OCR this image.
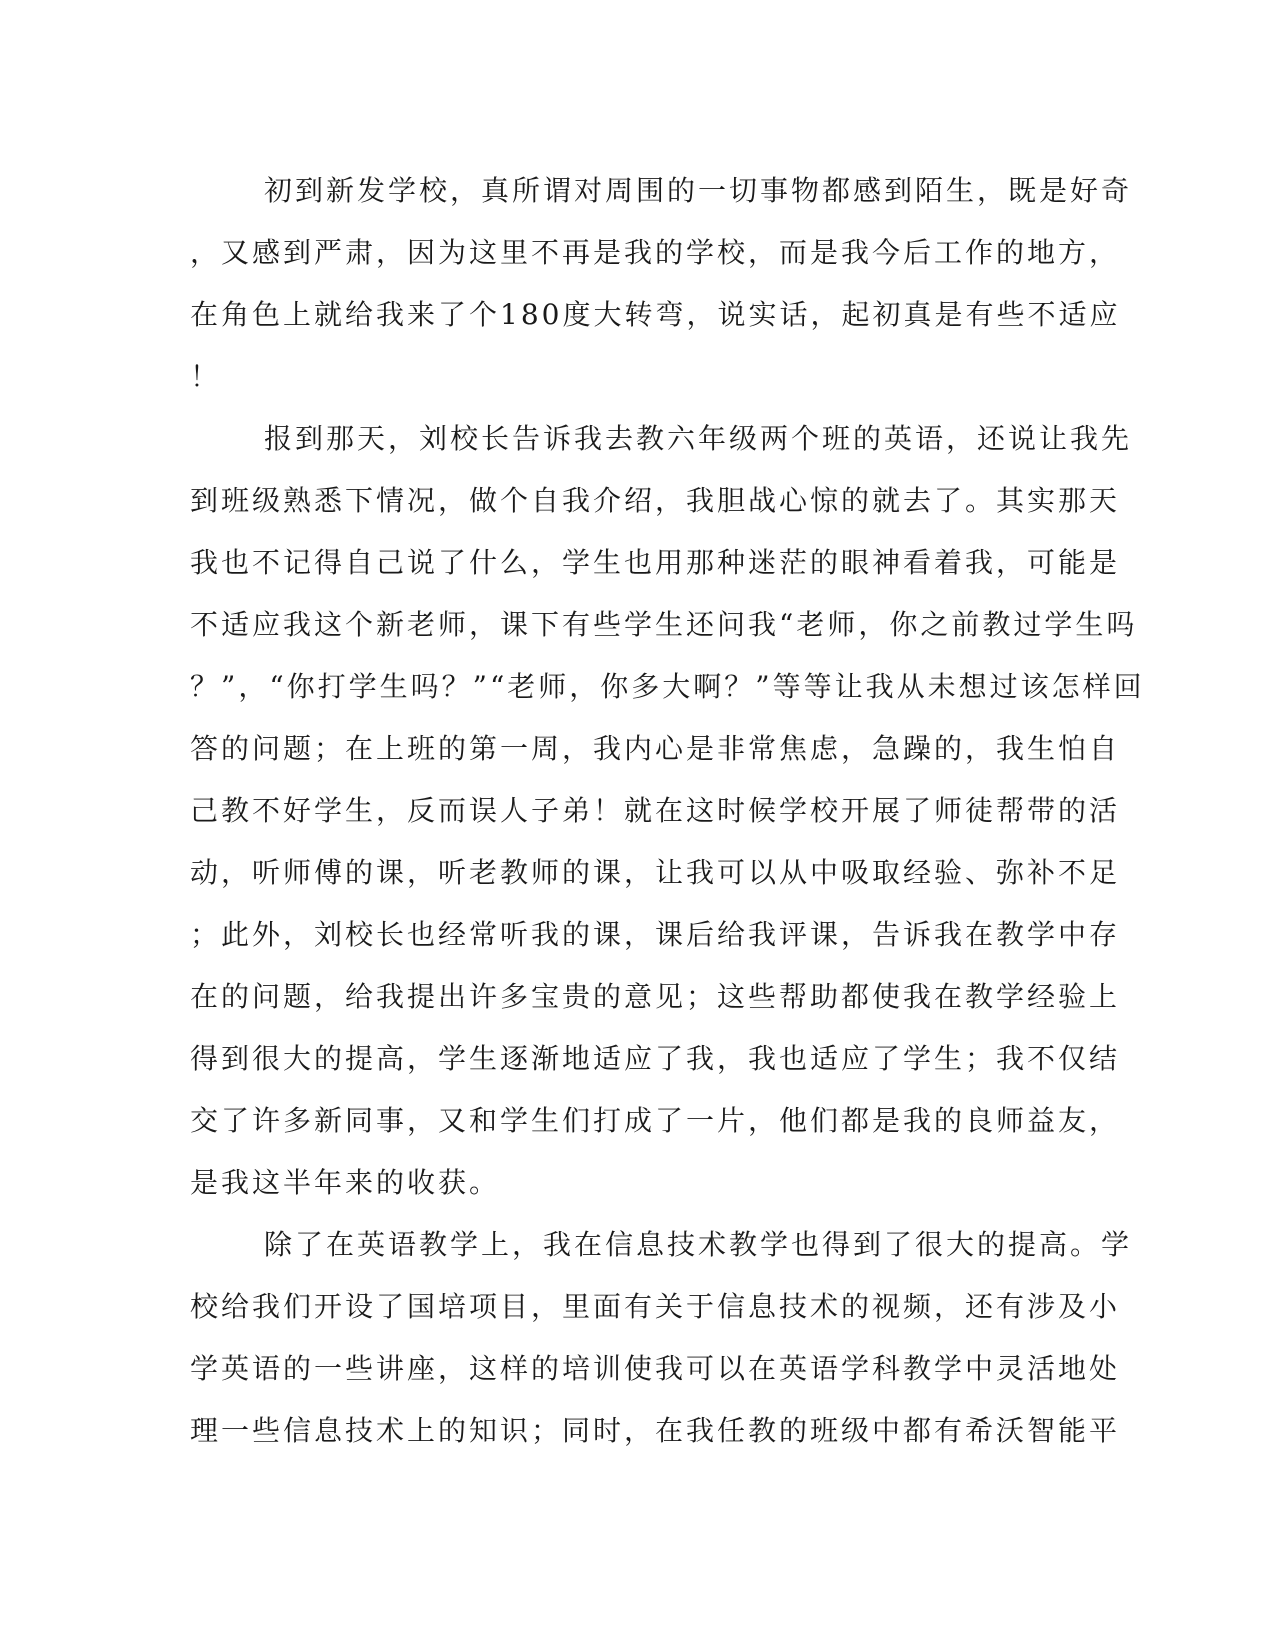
初到新发学校，真所谓对周围的一切事物都感到陌生，既是好奇
，又感到严肃，因为这里不再是我的学校，而是我今后工作的地方，
在角色上就给我来了个180度大转弯，说实话，起初真是有些不适应
！
报到那天，刘校长告诉我去教六年级两个班的英语，还说让我先
到班级熟悉下情况，做个自我介绍，我胆战心惊的就去了。其实那天
我也不记得自己说了什么，学生也用那种迷茫的眼神看着我，可能是
不适应我这个新老师，课下有些学生还问我“老师，你之前教过学生吗
？”，“你打学生吗？”“老师，你多大啊？”等等让我从未想过该怎样回
答的问题；在上班的第一周，我内心是非常焦虑，急躁的，我生怕自
己教不好学生，反而误人子弟！就在这时候学校开展了师徒帮带的活
动，听师傅的课，听老教师的课，让我可以从中吸取经验、弥补不足
；此外，刘校长也经常听我的课，课后给我评课，告诉我在教学中存
在的问题，给我提出许多宝贵的意见；这些帮助都使我在教学经验上
得到很大的提高，学生逐渐地适应了我，我也适应了学生；我不仅结
交了许多新同事，又和学生们打成了一片，他们都是我的良师益友，
是我这半年来的收获。
除了在英语教学上，我在信息技术教学也得到了很大的提高。学
校给我们开设了国培项目，里面有关于信息技术的视频，还有涉及小
学英语的一些讲座，这样的培训使我可以在英语学科教学中灵活地处
理一些信息技术上的知识；同时，在我任教的班级中都有希沃智能平
